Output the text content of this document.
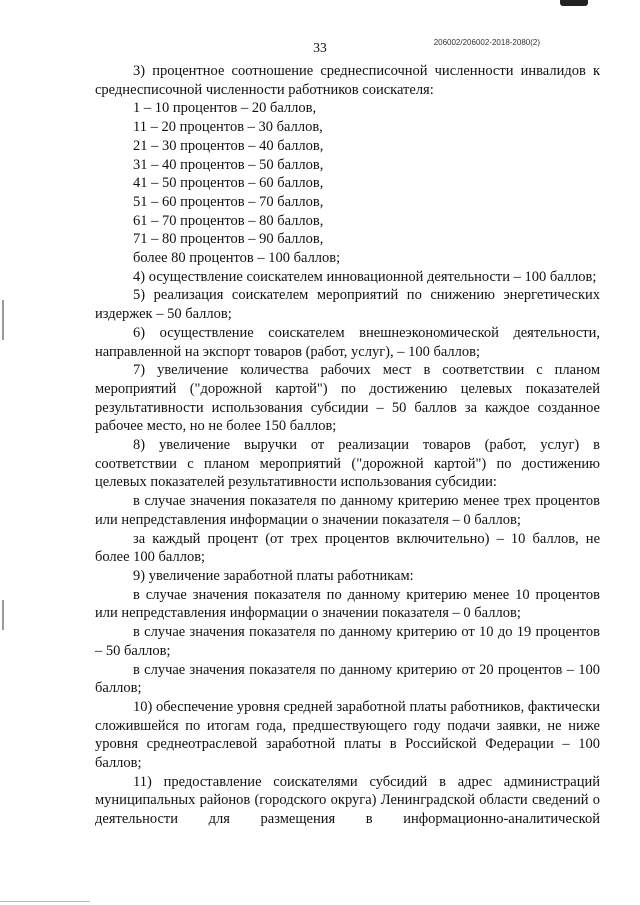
206002/206002-2018-2080(2)
33

3) процентное соотношение среднесписочной численности инвалидов к среднесписочной численности работников соискателя:

1 – 10 процентов – 20 баллов,

11 – 20 процентов – 30 баллов,

21 – 30 процентов – 40 баллов,

31 – 40 процентов – 50 баллов,

41 – 50 процентов – 60 баллов,

51 – 60 процентов – 70 баллов,

61 – 70 процентов – 80 баллов,

71 – 80 процентов – 90 баллов,

более 80 процентов – 100 баллов;

4) осуществление соискателем инновационной деятельности – 100 баллов;

5) реализация соискателем мероприятий по снижению энергетических издержек – 50 баллов;

6) осуществление соискателем внешнеэкономической деятельности, направленной на экспорт товаров (работ, услуг), – 100 баллов;

7) увеличение количества рабочих мест в соответствии с планом мероприятий ("дорожной картой") по достижению целевых показателей результативности использования субсидии – 50 баллов за каждое созданное рабочее место, но не более 150 баллов;

8) увеличение выручки от реализации товаров (работ, услуг) в соответствии с планом мероприятий ("дорожной картой") по достижению целевых показателей результативности использования субсидии:

в случае значения показателя по данному критерию менее трех процентов или непредставления информации о значении показателя – 0 баллов;

за каждый процент (от трех процентов включительно) – 10 баллов, не более 100 баллов;

9) увеличение заработной платы работникам:

в случае значения показателя по данному критерию менее 10 процентов или непредставления информации о значении показателя – 0 баллов;

в случае значения показателя по данному критерию от 10 до 19 процентов – 50 баллов;

в случае значения показателя по данному критерию от 20 процентов – 100 баллов;

10) обеспечение уровня средней заработной платы работников, фактически сложившейся по итогам года, предшествующего году подачи заявки, не ниже уровня среднеотраслевой заработной платы в Российской Федерации – 100 баллов;

11) предоставление соискателями субсидий в адрес администраций муниципальных районов (городского округа) Ленинградской области сведений о деятельности для размещения в информационно-аналитической
